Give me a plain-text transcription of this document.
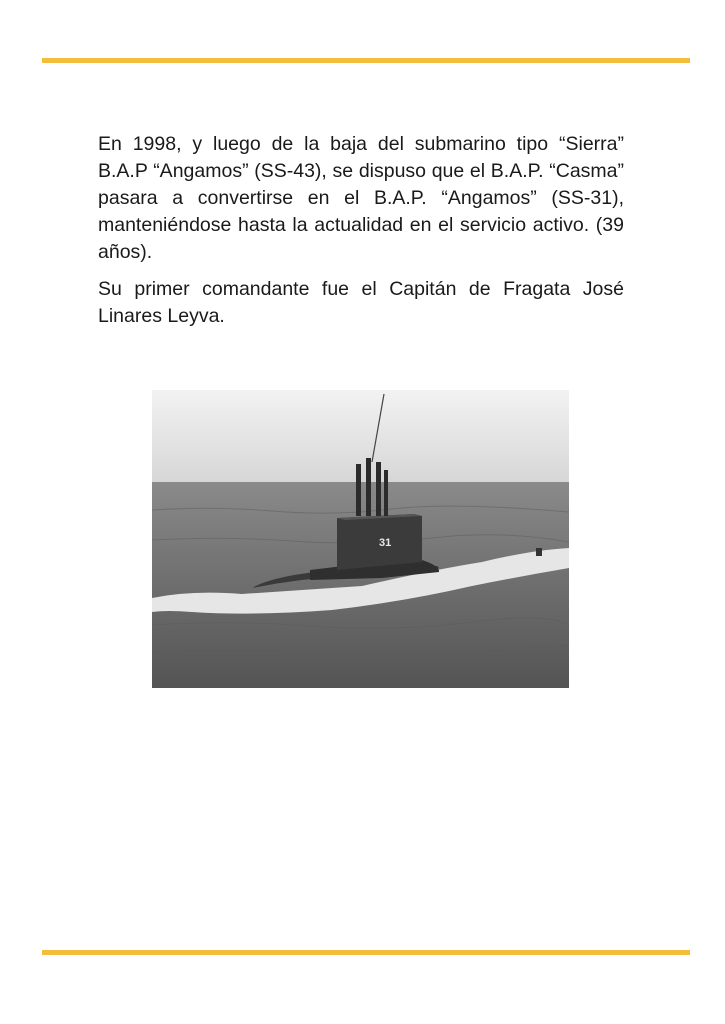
En 1998, y luego de la baja del submarino tipo “Sierra” B.A.P “Angamos” (SS-43), se dispuso que el B.A.P. “Casma” pasara a convertirse en el B.A.P. “Angamos” (SS-31), manteniéndose hasta la actualidad en el servicio activo. (39 años).

Su primer comandante fue el Capitán de Fragata José Linares Leyva.

31
